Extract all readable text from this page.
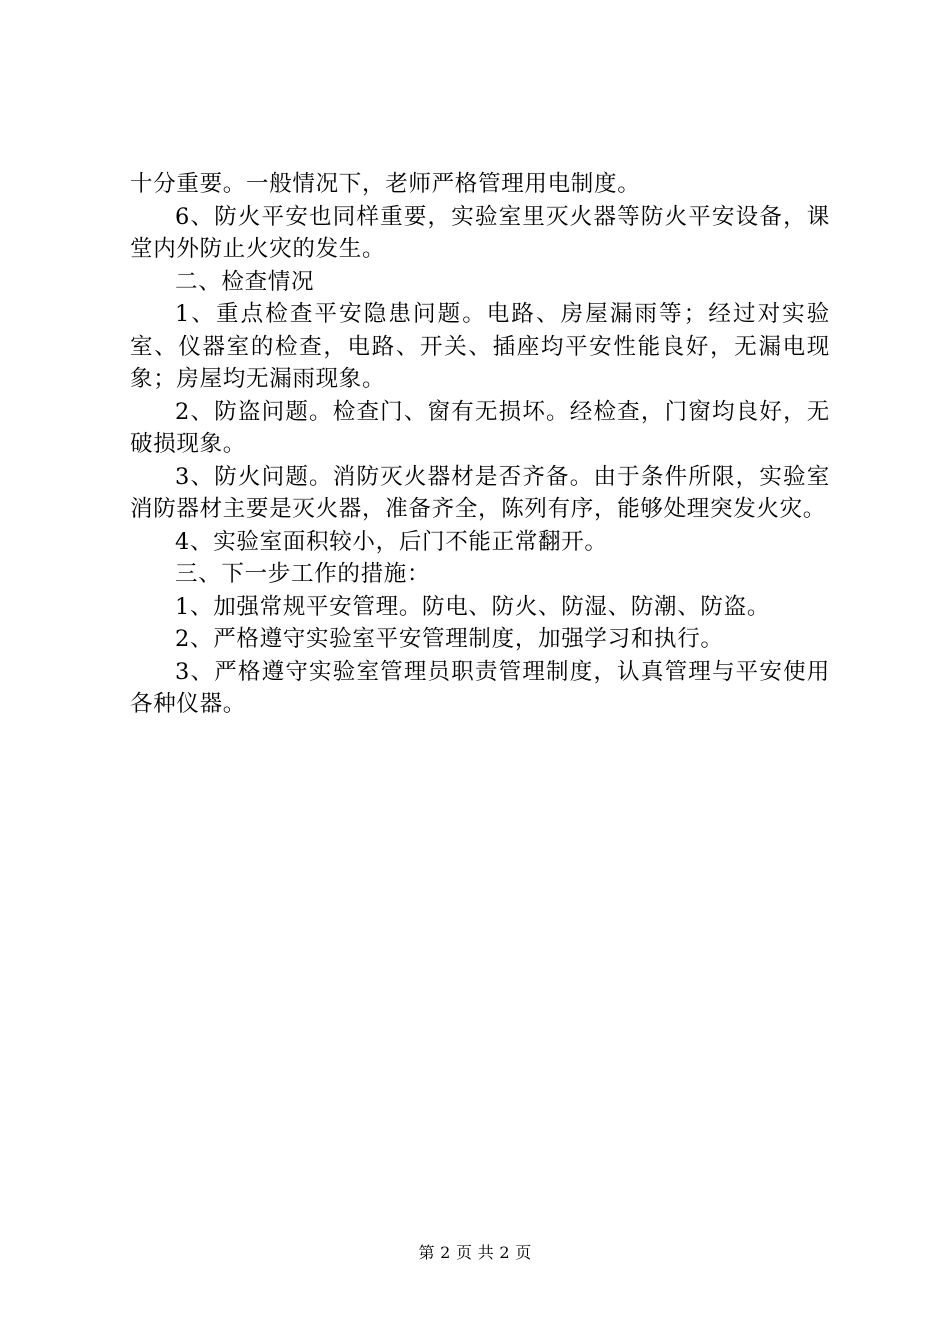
十分重要。一般情况下，老师严格管理用电制度。

6、防火平安也同样重要，实验室里灭火器等防火平安设备，课堂内外防止火灾的发生。

二、检查情况

1、重点检查平安隐患问题。电路、房屋漏雨等；经过对实验室、仪器室的检查，电路、开关、插座均平安性能良好，无漏电现象；房屋均无漏雨现象。

2、防盗问题。检查门、窗有无损坏。经检查，门窗均良好，无破损现象。

3、防火问题。消防灭火器材是否齐备。由于条件所限，实验室消防器材主要是灭火器，准备齐全，陈列有序，能够处理突发火灾。

4、实验室面积较小，后门不能正常翻开。

三、下一步工作的措施：

1、加强常规平安管理。防电、防火、防湿、防潮、防盗。

2、严格遵守实验室平安管理制度，加强学习和执行。

3、严格遵守实验室管理员职责管理制度，认真管理与平安使用各种仪器。

第 2 页 共 2 页
